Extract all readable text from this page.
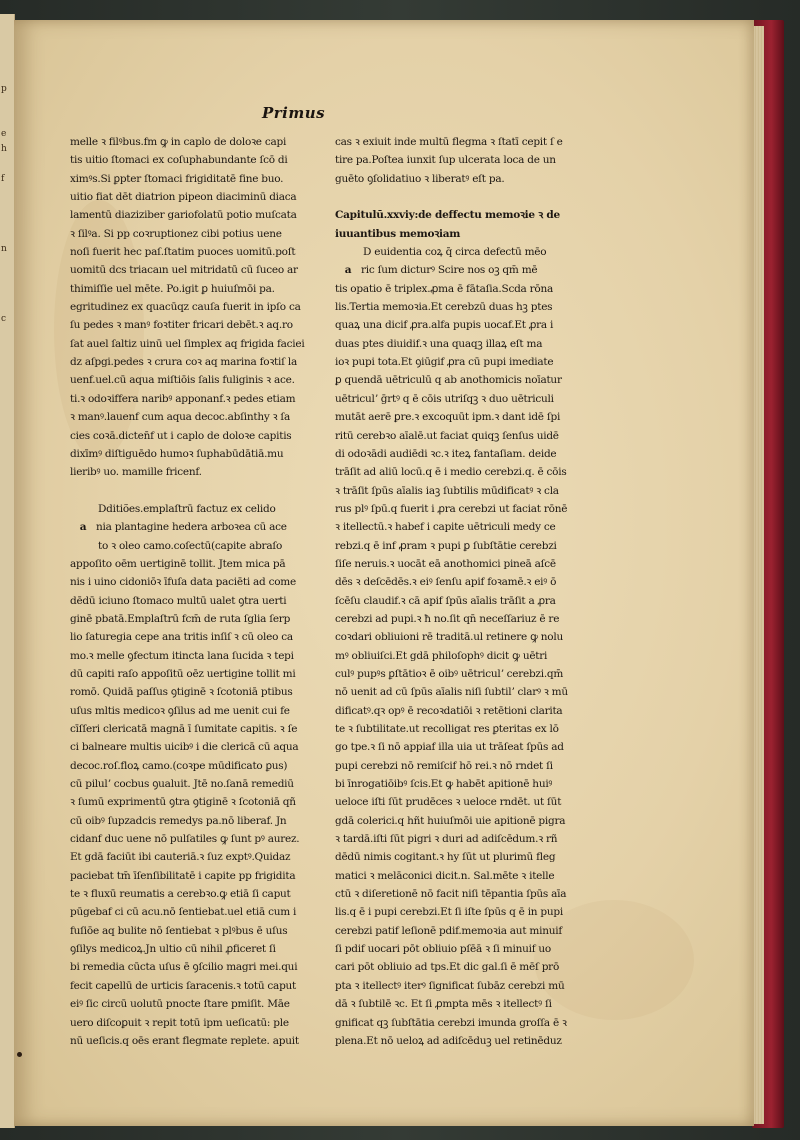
p
e
h
f
n
c
Primus
melle ꝛ filꝰbus.fm ꝙ in caplo de doloꝛe capi
tis uitio ſtomaci ex coſuphabundante ſcō di
ximꝰs.Si ꝑpter ſtomaci frigiditatē fine buo.
uitio fiat dēt diatrion pipeon diaciminū diaca
lamentū diaziziber gariofolatū potio muſcata
ꝛ ſilꝰa. Si pp coꝛruptionez cibi potius uene
noſi fuerit hec paſ.ſtatim puoces uomitū.poſt
uomitū dcs triacaın uel mitridatū cū ſuceo ar
thimiſſie uel mēte. Po.igit ꝑ huiuſmōi pa.
egritudinez ex quacūqz cauſa fuerit in ipſo ca
ſu pedes ꝛ manꝰ foꝛtiter fricari debēt.ꝛ aq.ro
ſat auel ſaltiz uinū uel ſimplex aq frigida faciei
dz aſpgi.pedes ꝛ crura coꝛ aq marina foꝛtiſ la
uenf.uel.cū aqua miſtiōis ſalis fuliginis ꝛ ace.
ti.ꝛ odoꝛiffera naribꝰ apponanf.ꝛ pedes etiam
ꝛ manꝰ.lauenf cum aqua decoc.abſinthy ꝛ ſa
cies coꝛā.dicten̄f ut i caplo de doloꝛe capitis
dixīmꝰ diſtiguēdo humoꝛ ſuphabūdātiā.mu
lieribꝰ uo. mamille fricenf.
Dditiões.emplaſtrū factuz ex celido
a nia plantagine hedera arboꝛea cū ace
to ꝛ oleo camo.coſectū(capite abraſo
appoſito oēm uertiginē tollit. Jtem mica pā
nis i uino cidoniōꝛ īfuſa data paciēti ad come
dēdū iciuno ſtomaco multū ualet ꝯtra uerti
ginē pbatā.Emplaſtrū fcm̄ de ruta ſglia ſerp
lio ſaturegia cepe ana tritis inſiſ ꝛ cū oleo ca
mo.ꝛ melle ꝯfectum itincta lana ſucida ꝛ tepi
dū capiti raſo appoſitū oēz uertigine tollit mi
romō. Quidā paſſus ꝯtiginē ꝛ ſcotoniā ptibus
uſus mltis medicoꝛ ꝯſilus ad me uenit cui fe
cīſſeri clericatā magnā ī ſumitate capitis. ꝛ ſe
ci balneare multis uicibꝰ i die clericā cū aqua
decoc.roſ.floꝝ camo.(coꝛpe mūdificato ꝑus)
cū pilulʼ cocbus ꝯualuit. Jtē no.ſanā remediū
ꝛ ſumū exprimentū ꝯtra ꝯtiginē ꝛ ſcotoniā qñ
cū oibꝰ ſupzadcis remedys pa.nō liberaf. Jn
cidanf duc uene nō pulſatiles ꝙ ſunt pꝰ aurez.
Et gdā faciūt ibi cauteriā.ꝛ ſuz exptꝰ.Quidaz
paciebat tm̄ īſenſibilitatē i capite pp frigidita
te ꝛ fluxū reumatis a cerebꝛo.ꝙ etiā ſi caput
pūgebaf ci cū acu.nō ſentiebat.uel etiā cum i
fuſiōe aq bulite nō ſentiebat ꝛ plꝰbus ē uſus
ꝯſilys medicoꝝ.Jn ultio cū nihil ꝓficeret ſi
bi remedia cūcta uſus ē ꝯſcilio magri mei.qui
fecit capellū de urticis ſaracenis.ꝛ totū caput
eiꝰ ſic circū uolutū pnocte ſtare pmiſit. Māe
uero diſcoꝑuit ꝛ repit totū ipm ueſicatū: ple
nū ueſicis.q oēs erant flegmate replete. apuit
cas ꝛ exiuit inde multū flegma ꝛ ſtatī cepit ſ e
tire pa.Poſtea iunxit ſup ulcerata loca de un
guēto ꝯſolidatiuo ꝛ liberatꝰ eſt pa.
Capitulū.xxviy:de deffectu memoꝛie ꝛ de
iuuantibus memoꝛiam
D euidentia coꝝ q̄ circa defectū mēo
a ric ſum dicturꝰ Scire nos oꝫ qm̄ mē
tis opatio ē triplex.ꝓma ē fātaſia.Scda rōna
lis.Tertia memoꝛia.Et cerebzū duas hꝫ ptes
quaꝝ una dicif ꝓra.alfa pupis uocaf.Et ꝓra i
duas ptes diuidif.ꝛ una quaqꝫ illaꝝ eſt ma
ioꝛ pupi tota.Et ꝯiūgif ꝓra cū pupi imediate
ꝑ quendā uētriculū q ab anothomicis noīatur
uētriculʼ ḡrtꝰ q ē cōis utriſqꝫ ꝛ duo uētriculi
mutāt aerē ꝑre.ꝛ excoquūt ipm.ꝛ dant idē ſpi
ritū cerebꝛo aīalē.ut faciat quiqꝫ ſenſus uidē
di odoꝛādi audiēdi ꝛc.ꝛ iteꝝ fantaſiam. deide
trāſit ad aliū locū.q ē i medio cerebzi.q. ē cōis
ꝛ trāſit ſpūs aīalis iaꝫ ſubtilis mūdificatꝰ ꝛ cla
rus plꝰ ſpū.q fuerit i ꝓra cerebzi ut faciat rōnē
ꝛ itellectū.ꝛ habef i capite uētriculi medy ce
rebzi.q ē inf ꝓram ꝛ pupi ꝑ ſubſtātie cerebzi
ſiſe neruis.ꝛ uocāt eā anothomici pineā aſcē
dēs ꝛ deſcēdēs.ꝛ eiꝰ ſenſu apif foꝛamē.ꝛ eiꝰ ō
ſcēſu claudif.ꝛ cā apif ſpūs aīalis trāſit a ꝓra
cerebzi ad pupi.ꝛ ħ no.ſit qn̄ neceſſariuz ē re
coꝛdari obliuioni rē traditā.ul retinere ꝙ nolu
mꝰ obliuiſci.Et gdā philoſophꝰ dicit ꝙ uētri
culꝰ pupꝰs ꝑſtātioꝛ ē oibꝰ uētriculʼ cerebzi.qm̄
nō uenit ad cū ſpūs aīalis niſi ſubtilʼ clarꝰ ꝛ mū
dificatꝰ.qꝛ opꝰ ē recoꝛdatiōi ꝛ retētioni clarita
te ꝛ ſubtilitate.ut recolligat res ꝑteritas ex lō
go tpe.ꝛ ſi nō appiaf illa uia ut trāſeat ſpūs ad
pupi cerebzi nō remiſcif hō rei.ꝛ nō rndet ſi
bi īnrogatiōibꝰ ſcis.Et ꝙ habēt apitionē huiꝰ
ueloce iſti ſūt prudēces ꝛ ueloce rndēt. ut ſūt
gdā colerici.q hñt huiuſmōi uie apitionē pigra
ꝛ tardā.iſti ſūt pigri ꝛ duri ad adiſcēdum.ꝛ rñ
dēdū nimis cogitant.ꝛ hy ſūt ut plurimū fleg
matici ꝛ melāconici dicit.n. Sal.mēte ꝛ itelle
ctū ꝛ diſeretionē nō facit niſi tēpantia ſpūs aīa
lis.q ē i pupi cerebzi.Et ſi iſte ſpūs q ē in pupi
cerebzi patif leſionē pdif.memoꝛia aut minuif
ſi pdif uocari pōt obliuio pſēā ꝛ ſi minuif uo
cari pōt obliuio ad tps.Et dic gal.ſi ē mēſ prō
pta ꝛ itellectꝰ iterꝰ ſignificat ſubāz cerebzi mū
dā ꝛ ſubtilē ꝛc. Et ſi ꝓmpta mēs ꝛ itellectꝰ ſi
gnificat qꝫ ſubſtātia cerebzi imunda groſſa ē ꝛ
plena.Et nō ueloꝝ ad adiſcēduꝫ uel retinēduz
